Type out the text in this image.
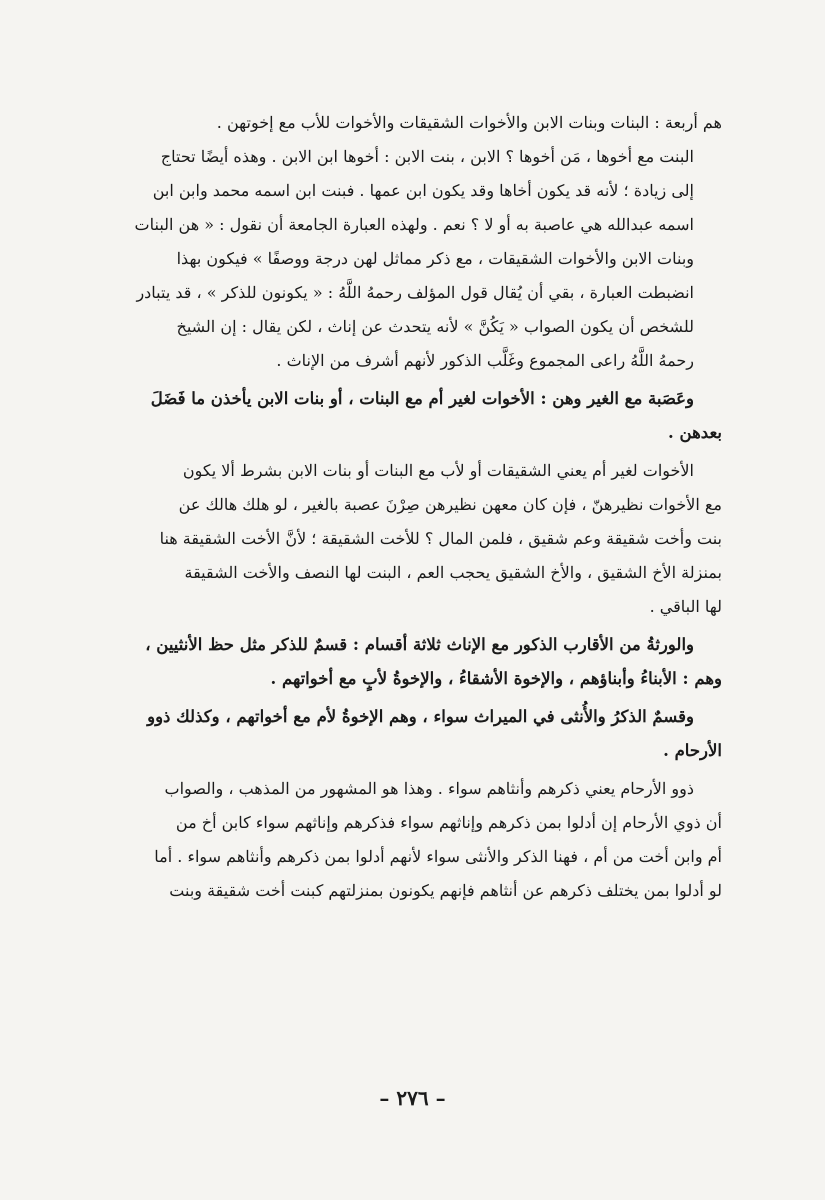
هم أربعة : البنات وبنات الابن والأخوات الشقيقات والأخوات للأب مع إخوتهن .
البنت مع أخوها ، مَن أخوها ؟ الابن ، بنت الابن : أخوها ابن الابن . وهذه أيضًا تحتاج
إلى زيادة ؛ لأنه قد يكون أخاها وقد يكون ابن عمها . فبنت ابن اسمه محمد وابن ابن
اسمه عبدالله هي عاصبة به أو لا ؟ نعم . ولهذه العبارة الجامعة أن نقول : « هن البنات
وبنات الابن والأخوات الشقيقات ، مع ذكر مماثل لهن درجة ووصفًا » فيكون بهذا
انضبطت العبارة ، بقي أن يُقال قول المؤلف رحمهُ اللَّهُ : « يكونون للذكر » ، قد يتبادر
للشخص أن يكون الصواب « يَكُنَّ » لأنه يتحدث عن إناث ، لكن يقال : إن الشيخ
رحمهُ اللَّهُ راعى المجموع وغَلَّب الذكور لأنهم أشرف من الإناث .

وعَصَبة مع الغير وهن : الأخوات لغير أم مع البنات ، أو بنات الابن يأخذن ما فَضَلَ
بعدهن .

الأخوات لغير أم يعني الشقيقات أو لأب مع البنات أو بنات الابن بشرط ألا يكون
مع الأخوات نظيرهنّ ، فإن كان معهن نظيرهن صِرْنَ عصبة بالغير ، لو هلك هالك عن
بنت وأخت شقيقة وعم شقيق ، فلمن المال ؟ للأخت الشقيقة ؛ لأنَّ الأخت الشقيقة هنا
بمنزلة الأخ الشقيق ، والأخ الشقيق يحجب العم ، البنت لها النصف والأخت الشقيقة
لها الباقي .

والورثةُ من الأقارب الذكور مع الإناث ثلاثة أقسام : قسمٌ للذكر مثل حظ الأنثيين ،
وهم : الأبناءُ وأبناؤهم ، والإخوة الأشقاءُ ، والإخوةُ لأبٍ مع أخواتهم .

وقسمٌ الذكرُ والأُنثى في الميراث سواء ، وهم الإخوةُ لأم مع أخواتهم ، وكذلك ذوو
الأرحام .

ذوو الأرحام يعني ذكرهم وأنثاهم سواء . وهذا هو المشهور من المذهب ، والصواب
أن ذوي الأرحام إن أدلوا بمن ذكرهم وإناثهم سواء فذكرهم وإناثهم سواء كابن أخ من
أم وابن أخت من أم ، فهنا الذكر والأنثى سواء لأنهم أدلوا بمن ذكرهم وأنثاهم سواء . أما
لو أدلوا بمن يختلف ذكرهم عن أنثاهم فإنهم يكونون بمنزلتهم كبنت أخت شقيقة وبنت

– ٢٧٦ –
